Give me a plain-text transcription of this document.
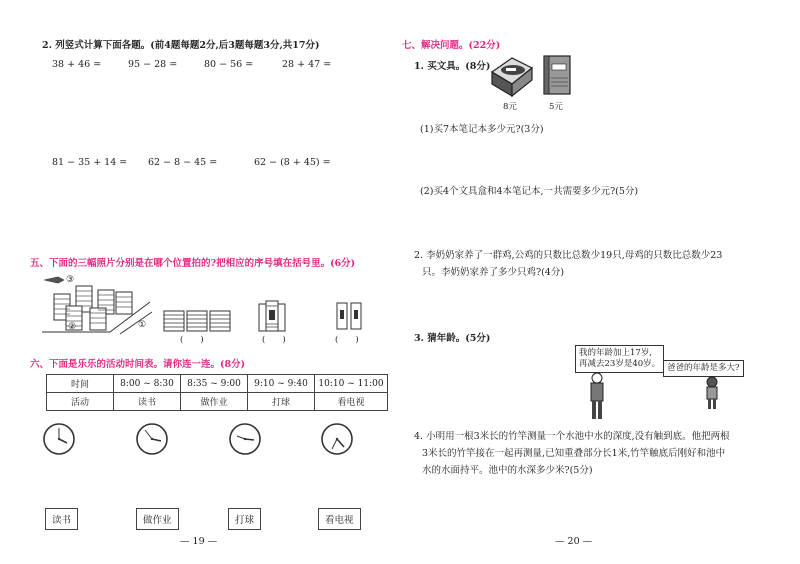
2. 列竖式计算下面各题。(前4题每题2分,后3题每题3分,共17分)
38 + 46 =	95 − 28 =	80 − 56 =	28 + 47 =
81 − 35 + 14 = 62 − 8 − 45 =	62 − (8 + 45) =
五、下面的三幅照片分别是在哪个位置拍的?把相应的序号填在括号里。(6分)
③
②	①
(　　)	(　　)	(　　)
六、下面是乐乐的活动时间表。请你连一连。(8分)
时间	8:00 ~ 8:30	8:35 ~ 9:00	9:10 ~ 9:40	10:10 ~ 11:00
活动	读书	做作业	打球	看电视
读书	做作业	打球	看电视
— 19 —
七、解决问题。(22分)
1. 买文具。(8分)
8元	5元
(1)买7本笔记本多少元?(3分)
(2)买4个文具盒和4本笔记本,一共需要多少元?(5分)
2. 李奶奶家养了一群鸡,公鸡的只数比总数少19只,母鸡的只数比总数少23
只。李奶奶家养了多少只鸡?(4分)
3. 猜年龄。(5分)
我的年龄加上17岁,
再减去23岁是40岁。 爸爸的年龄是多大?
4. 小明用一根3米长的竹竿测量一个水池中水的深度,没有触到底。他把两根
3米长的竹竿接在一起再测量,已知重叠部分长1米,竹竿触底后刚好和池中
水的水面持平。池中的水深多少米?(5分)
— 20 —
